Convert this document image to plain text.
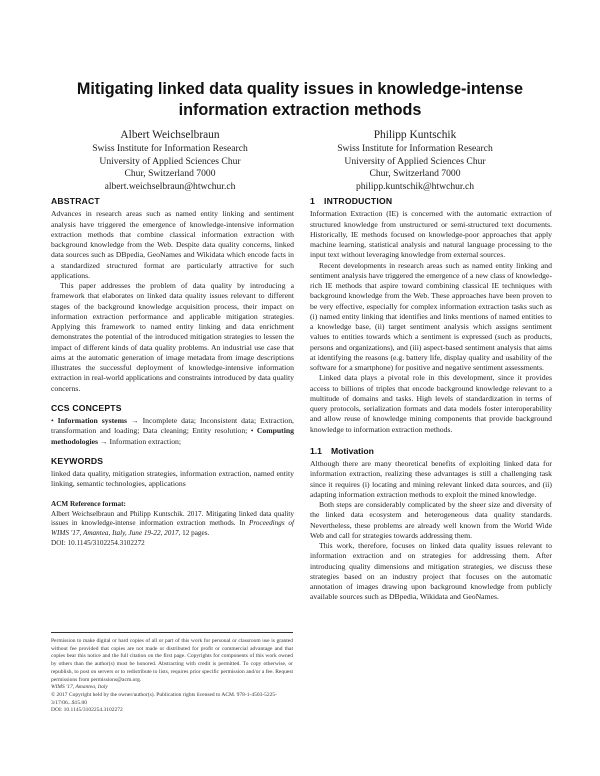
Mitigating linked data quality issues in knowledge-intense information extraction methods
Albert Weichselbraun
Swiss Institute for Information Research
University of Applied Sciences Chur
Chur, Switzerland 7000
albert.weichselbraun@htwchur.ch
Philipp Kuntschik
Swiss Institute for Information Research
University of Applied Sciences Chur
Chur, Switzerland 7000
philipp.kuntschik@htwchur.ch
ABSTRACT

Advances in research areas such as named entity linking and sentiment analysis have triggered the emergence of knowledge-intensive information extraction methods that combine classical information extraction with background knowledge from the Web. Despite data quality concerns, linked data sources such as DBpedia, GeoNames and Wikidata which encode facts in a standardized structured format are particularly attractive for such applications.

This paper addresses the problem of data quality by introducing a framework that elaborates on linked data quality issues relevant to different stages of the background knowledge acquisition process, their impact on information extraction performance and applicable mitigation strategies. Applying this framework to named entity linking and data enrichment demonstrates the potential of the introduced mitigation strategies to lessen the impact of different kinds of data quality problems. An industrial use case that aims at the automatic generation of image metadata from image descriptions illustrates the successful deployment of knowledge-intensive information extraction in real-world applications and constraints introduced by data quality concerns.

CCS CONCEPTS

• Information systems → Incomplete data; Inconsistent data; Extraction, transformation and loading; Data cleaning; Entity resolution; • Computing methodologies → Information extraction;

KEYWORDS

linked data quality, mitigation strategies, information extraction, named entity linking, semantic technologies, applications

ACM Reference format:

Albert Weichselbraun and Philipp Kuntschik. 2017. Mitigating linked data quality issues in knowledge-intense information extraction methods. In Proceedings of WIMS '17, Amantea, Italy, June 19-22, 2017, 12 pages.

DOI: 10.1145/3102254.3102272

Permission to make digital or hard copies of all or part of this work for personal or classroom use is granted without fee provided that copies are not made or distributed for profit or commercial advantage and that copies bear this notice and the full citation on the first page. Copyrights for components of this work owned by others than the author(s) must be honored. Abstracting with credit is permitted. To copy otherwise, or republish, to post on servers or to redistribute to lists, requires prior specific permission and/or a fee. Request permissions from permissions@acm.org.

WIMS '17, Amantea, Italy
© 2017 Copyright held by the owner/author(s). Publication rights licensed to ACM. 978-1-4503-5225-3/17/06...$15.00
DOI: 10.1145/3102254.3102272
1 INTRODUCTION

Information Extraction (IE) is concerned with the automatic extraction of structured knowledge from unstructured or semi-structured text documents. Historically, IE methods focused on knowledge-poor approaches that apply machine learning, statistical analysis and natural language processing to the input text without leveraging knowledge from external sources.

Recent developments in research areas such as named entity linking and sentiment analysis have triggered the emergence of a new class of knowledge-rich IE methods that aspire toward combining classical IE techniques with background knowledge from the Web. These approaches have been proven to be very effective, especially for complex information extraction tasks such as (i) named entity linking that identifies and links mentions of named entities to a knowledge base, (ii) target sentiment analysis which assigns sentiment values to entities towards which a sentiment is expressed (such as products, persons and organizations), and (iii) aspect-based sentiment analysis that aims at identifying the reasons (e.g. battery life, display quality and usability of the software for a smartphone) for positive and negative sentiment assessments.

Linked data plays a pivotal role in this development, since it provides access to billions of triples that encode background knowledge relevant to a multitude of domains and tasks. High levels of standardization in terms of query protocols, serialization formats and data models foster interoperability and allow reuse of knowledge mining components that provide background knowledge to information extraction methods.

1.1 Motivation

Although there are many theoretical benefits of exploiting linked data for information extraction, realizing these advantages is still a challenging task since it requires (i) locating and mining relevant linked data sources, and (ii) adapting information extraction methods to exploit the mined knowledge.

Both steps are considerably complicated by the sheer size and diversity of the linked data ecosystem and heterogeneous data quality standards. Nevertheless, these problems are already well known from the World Wide Web and call for strategies towards addressing them.

This work, therefore, focuses on linked data quality issues relevant to information extraction and on strategies for addressing them. After introducing quality dimensions and mitigation strategies, we discuss these strategies based on an industry project that focuses on the automatic annotation of images drawing upon background knowledge from publicly available sources such as DBpedia, Wikidata and GeoNames.
